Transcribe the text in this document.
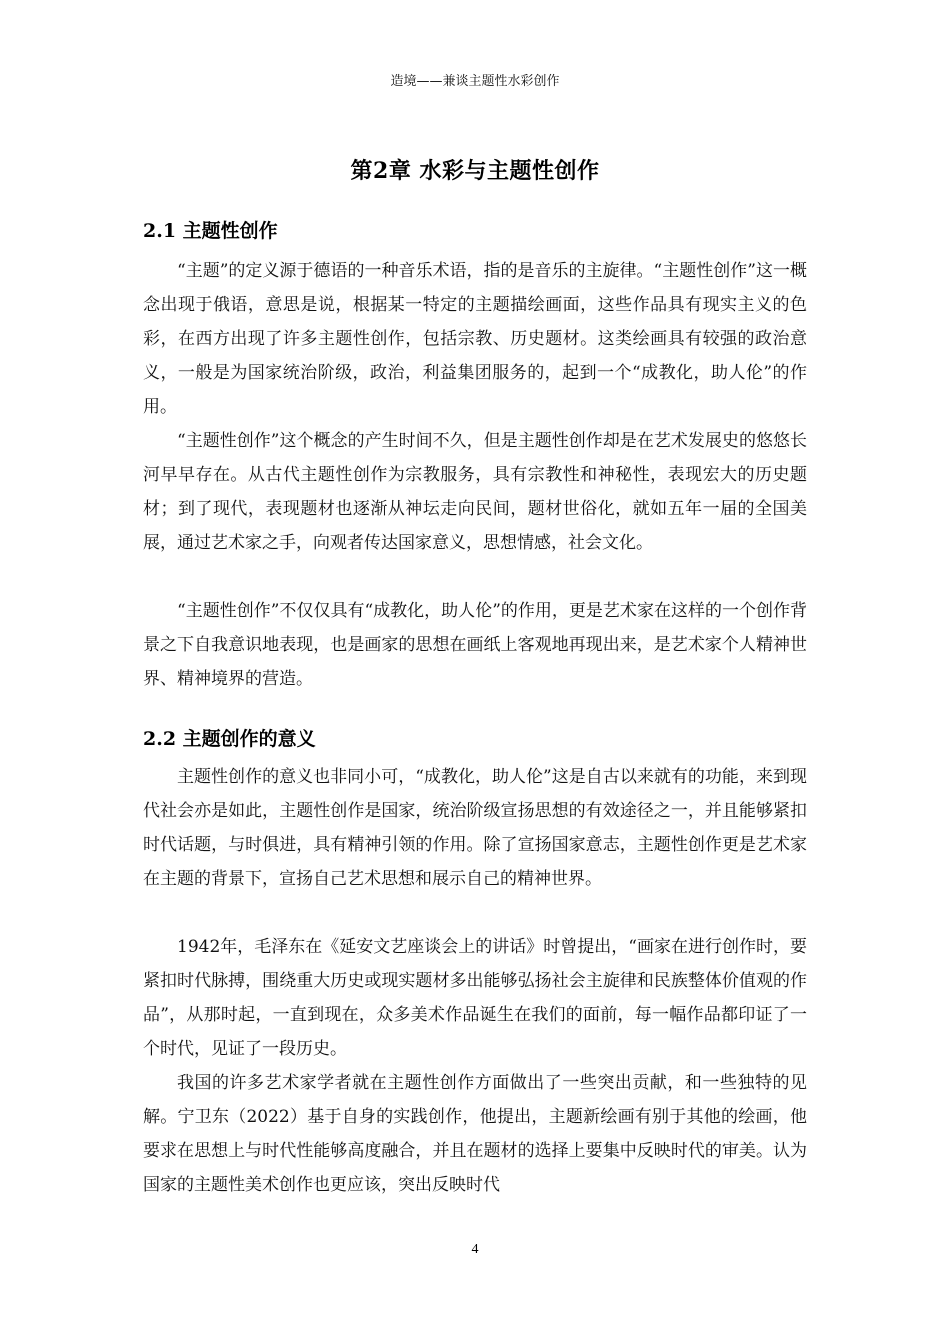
造境——兼谈主题性水彩创作
第2章 水彩与主题性创作
2.1 主题性创作

“主题”的定义源于德语的一种音乐术语，指的是音乐的主旋律。“主题性创作”这一概念出现于俄语，意思是说，根据某一特定的主题描绘画面，这些作品具有现实主义的色彩，在西方出现了许多主题性创作，包括宗教、历史题材。这类绘画具有较强的政治意义，一般是为国家统治阶级，政治，利益集团服务的，起到一个“成教化，助人伦”的作用。

“主题性创作”这个概念的产生时间不久，但是主题性创作却是在艺术发展史的悠悠长河早早存在。从古代主题性创作为宗教服务，具有宗教性和神秘性，表现宏大的历史题材；到了现代，表现题材也逐渐从神坛走向民间，题材世俗化，就如五年一届的全国美展，通过艺术家之手，向观者传达国家意义，思想情感，社会文化。

“主题性创作”不仅仅具有“成教化，助人伦”的作用，更是艺术家在这样的一个创作背景之下自我意识地表现，也是画家的思想在画纸上客观地再现出来，是艺术家个人精神世界、精神境界的营造。

2.2 主题创作的意义

主题性创作的意义也非同小可，“成教化，助人伦”这是自古以来就有的功能，来到现代社会亦是如此，主题性创作是国家，统治阶级宣扬思想的有效途径之一，并且能够紧扣时代话题，与时俱进，具有精神引领的作用。除了宣扬国家意志，主题性创作更是艺术家在主题的背景下，宣扬自己艺术思想和展示自己的精神世界。

1942年，毛泽东在《延安文艺座谈会上的讲话》时曾提出，“画家在进行创作时，要紧扣时代脉搏，围绕重大历史或现实题材多出能够弘扬社会主旋律和民族整体价值观的作品”，从那时起，一直到现在，众多美术作品诞生在我们的面前，每一幅作品都印证了一个时代，见证了一段历史。

我国的许多艺术家学者就在主题性创作方面做出了一些突出贡献，和一些独特的见解。宁卫东（2022）基于自身的实践创作，他提出，主题新绘画有别于其他的绘画，他要求在思想上与时代性能够高度融合，并且在题材的选择上要集中反映时代的审美。认为国家的主题性美术创作也更应该，突出反映时代

4
